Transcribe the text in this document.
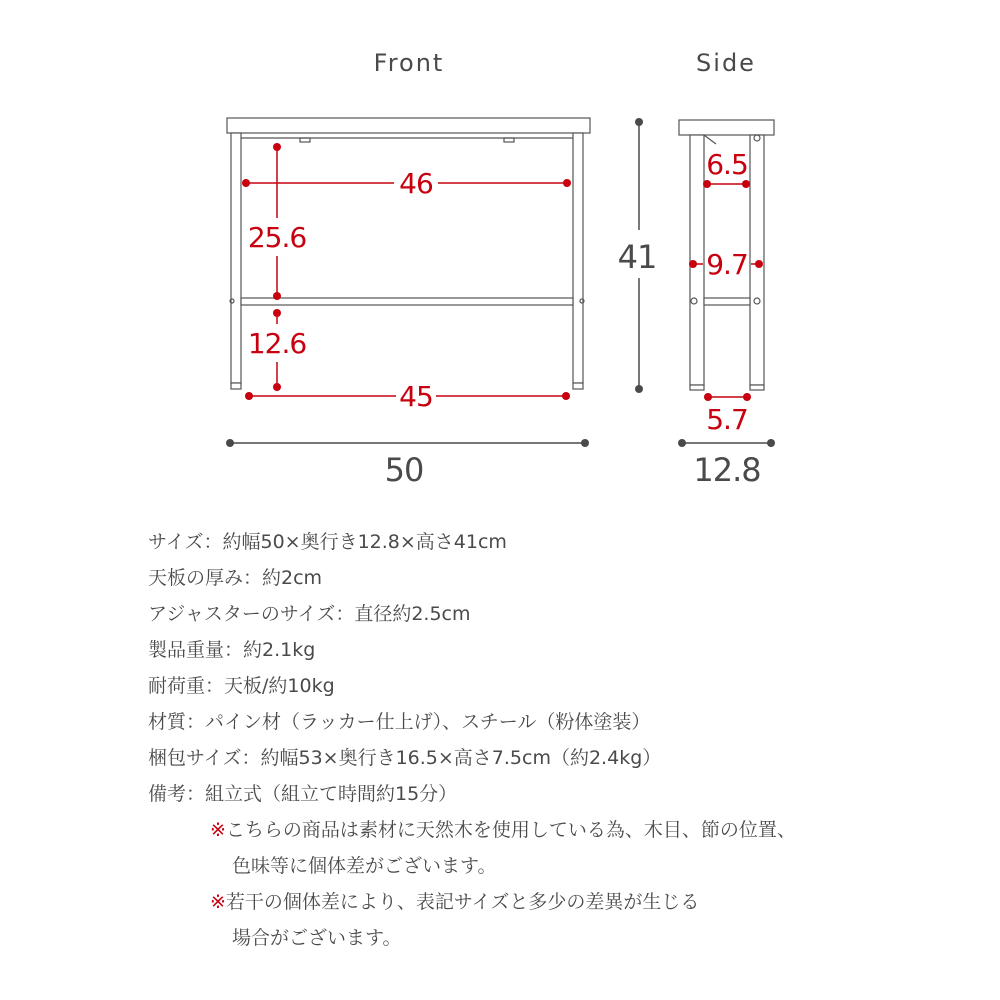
Front	Side
46
25.6
12.6
45
50
41
6.5
9.7
5.7
12.8
サイズ：約幅50×奥行き12.8×高さ41cm
天板の厚み：約2cm
アジャスターのサイズ：直径約2.5cm
製品重量：約2.1kg
耐荷重：天板/約10kg
材質：パイン材（ラッカー仕上げ）、スチール（粉体塗装）
梱包サイズ：約幅53×奥行き16.5×高さ7.5cm（約2.4kg）
備考：組立式（組立て時間約15分）
※こちらの商品は素材に天然木を使用している為、木目、節の位置、
色味等に個体差がございます。
※若干の個体差により、表記サイズと多少の差異が生じる
場合がございます。
